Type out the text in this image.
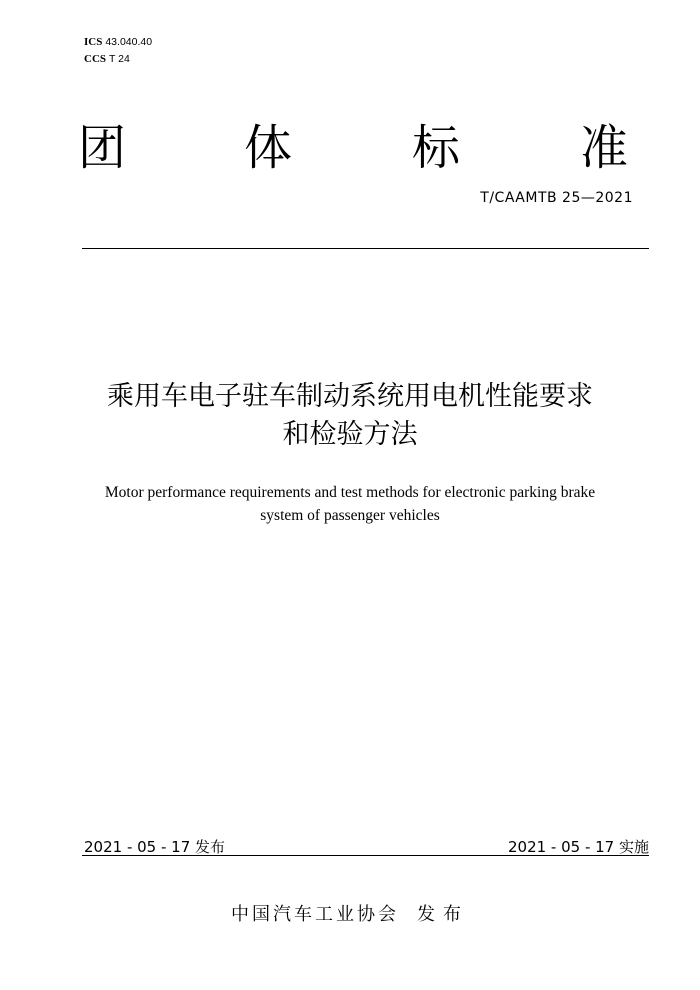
ICS 43.040.40
CCS T 24
团 体 标 准
T/CAAMTB 25—2021
乘用车电子驻车制动系统用电机性能要求
和检验方法
Motor performance requirements and test methods for electronic parking brake
system of passenger vehicles
2021 - 05 - 17 发布	2021 - 05 - 17 实施
中国汽车工业协会 发布
